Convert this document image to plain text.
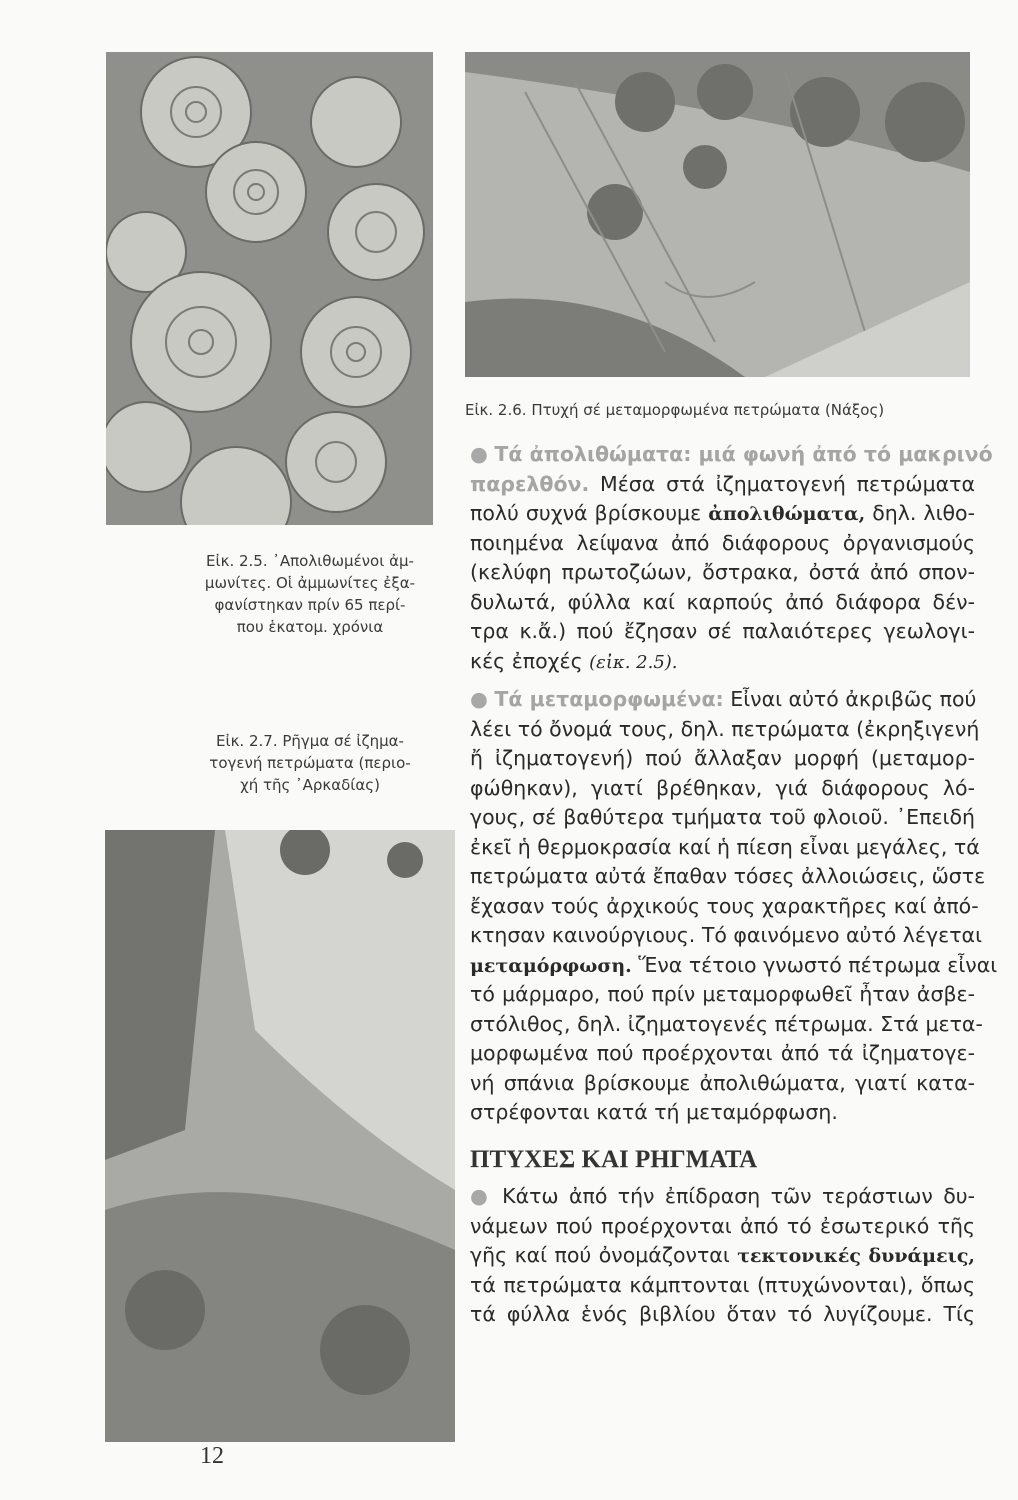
Εἰκ. 2.5. ᾿Απολιθωμένοι ἀμ-
μωνίτες. Οἱ ἀμμωνίτες ἐξα-
φανίστηκαν πρίν 65 περί-
που ἑκατομ. χρόνια
Εἰκ. 2.6. Πτυχή σέ μεταμορφωμένα πετρώματα (Νάξος)
Εἰκ. 2.7. Ρῆγμα σέ ἰζημα-
τογενή πετρώματα (περιο-
χή τῆς ᾿Αρκαδίας)
● Τά ἀπολιθώματα: μιά φωνή ἀπό τό μακρινό
παρελθόν. Μέσα στά ἰζηματογενή πετρώματα
πολύ συχνά βρίσκουμε ἀπολιθώματα, δηλ. λιθο-
ποιημένα λείψανα ἀπό διάφορους ὀργανισμούς
(κελύφη πρωτοζώων, ὄστρακα, ὀστά ἀπό σπον-
δυλωτά, φύλλα καί καρπούς ἀπό διάφορα δέν-
τρα κ.ἄ.) πού ἔζησαν σέ παλαιότερες γεωλογι-
κές ἐποχές (εἰκ. 2.5).
● Τά μεταμορφωμένα: Εἶναι αὐτό ἀκριβῶς πού
λέει τό ὄνομά τους, δηλ. πετρώματα (ἐκρηξιγενή
ἤ ἰζηματογενή) πού ἄλλαξαν μορφή (μεταμορ-
φώθηκαν), γιατί βρέθηκαν, γιά διάφορους λό-
γους, σέ βαθύτερα τμήματα τοῦ φλοιοῦ. ᾿Επειδή
ἐκεῖ ἡ θερμοκρασία καί ἡ πίεση εἶναι μεγάλες, τά
πετρώματα αὐτά ἔπαθαν τόσες ἀλλοιώσεις, ὥστε
ἔχασαν τούς ἀρχικούς τους χαρακτῆρες καί ἀπό-
κτησαν καινούργιους. Τό φαινόμενο αὐτό λέγεται
μεταμόρφωση. Ἕνα τέτοιο γνωστό πέτρωμα εἶναι
τό μάρμαρο, πού πρίν μεταμορφωθεῖ ἦταν ἀσβε-
στόλιθος, δηλ. ἰζηματογενές πέτρωμα. Στά μετα-
μορφωμένα πού προέρχονται ἀπό τά ἰζηματογε-
νή σπάνια βρίσκουμε ἀπολιθώματα, γιατί κατα-
στρέφονται κατά τή μεταμόρφωση.
ΠΤΥΧΕΣ ΚΑΙ ΡΗΓΜΑΤΑ
● Κάτω ἀπό τήν ἐπίδραση τῶν τεράστιων δυ-
νάμεων πού προέρχονται ἀπό τό ἐσωτερικό τῆς
γῆς καί πού ὀνομάζονται τεκτονικές δυνάμεις,
τά πετρώματα κάμπτονται (πτυχώνονται), ὅπως
τά φύλλα ἑνός βιβλίου ὅταν τό λυγίζουμε. Τίς
12
